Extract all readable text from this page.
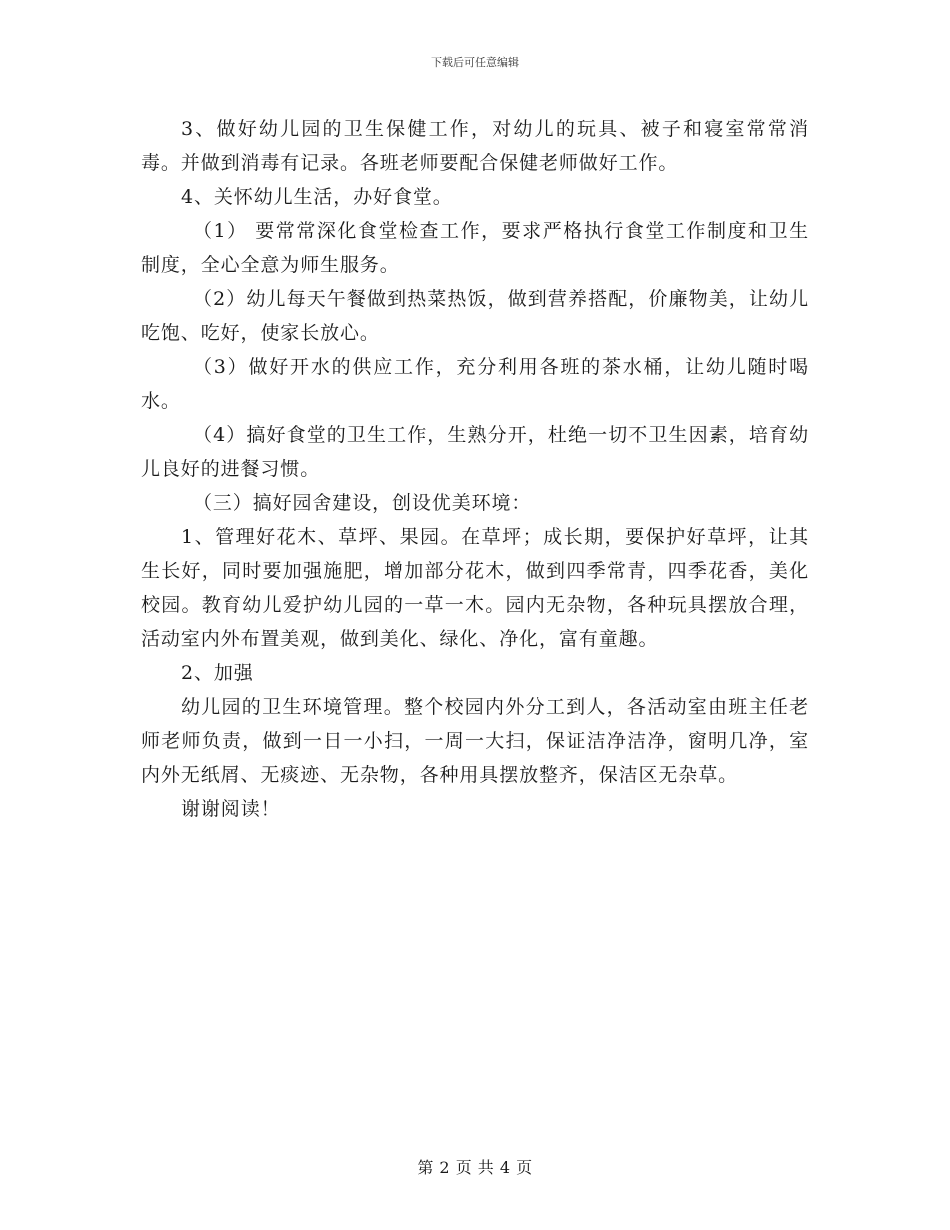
下载后可任意编辑

3、做好幼儿园的卫生保健工作，对幼儿的玩具、被子和寝室常常消毒。并做到消毒有记录。各班老师要配合保健老师做好工作。

4、关怀幼儿生活，办好食堂。

（1） 要常常深化食堂检查工作，要求严格执行食堂工作制度和卫生制度，全心全意为师生服务。

（2）幼儿每天午餐做到热菜热饭，做到营养搭配，价廉物美，让幼儿吃饱、吃好，使家长放心。

（3）做好开水的供应工作，充分利用各班的茶水桶，让幼儿随时喝水。

（4）搞好食堂的卫生工作，生熟分开，杜绝一切不卫生因素，培育幼儿良好的进餐习惯。

（三）搞好园舍建设，创设优美环境：

1、管理好花木、草坪、果园。在草坪；成长期，要保护好草坪，让其生长好，同时要加强施肥，增加部分花木，做到四季常青，四季花香，美化校园。教育幼儿爱护幼儿园的一草一木。园内无杂物，各种玩具摆放合理，活动室内外布置美观，做到美化、绿化、净化，富有童趣。

2、加强

幼儿园的卫生环境管理。整个校园内外分工到人，各活动室由班主任老师老师负责，做到一日一小扫，一周一大扫，保证洁净洁净，窗明几净，室内外无纸屑、无痰迹、无杂物，各种用具摆放整齐，保洁区无杂草。

谢谢阅读！

第 2 页 共 4 页
